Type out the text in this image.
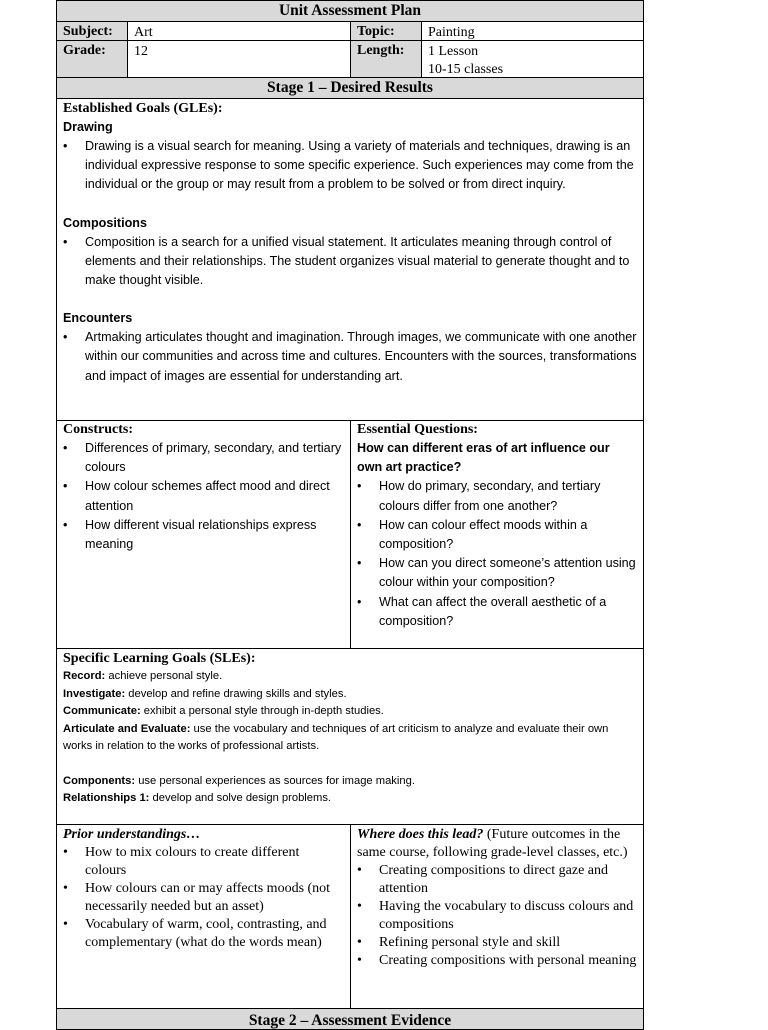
Unit Assessment Plan
Subject:	Art	Topic:	Painting
Grade:	12	Length:	1 Lesson
10-15 classes
Stage 1 – Desired Results
Established Goals (GLEs):
Drawing
• Drawing is a visual search for meaning. Using a variety of materials and techniques, drawing is an individual expressive response to some specific experience. Such experiences may come from the individual or the group or may result from a problem to be solved or from direct inquiry.
Compositions
• Composition is a search for a unified visual statement. It articulates meaning through control of elements and their relationships. The student organizes visual material to generate thought and to make thought visible.
Encounters
• Artmaking articulates thought and imagination. Through images, we communicate with one another within our communities and across time and cultures. Encounters with the sources, transformations and impact of images are essential for understanding art.
Constructs:
• Differences of primary, secondary, and tertiary colours
• How colour schemes affect mood and direct attention
• How different visual relationships express meaning
Essential Questions:
How can different eras of art influence our own art practice?
• How do primary, secondary, and tertiary colours differ from one another?
• How can colour effect moods within a composition?
• How can you direct someone’s attention using colour within your composition?
• What can affect the overall aesthetic of a composition?
Specific Learning Goals (SLEs):
Record: achieve personal style.
Investigate: develop and refine drawing skills and styles.
Communicate: exhibit a personal style through in-depth studies.
Articulate and Evaluate: use the vocabulary and techniques of art criticism to analyze and evaluate their own works in relation to the works of professional artists.
Components: use personal experiences as sources for image making.
Relationships 1: develop and solve design problems.
Prior understandings…
• How to mix colours to create different colours
• How colours can or may affects moods (not necessarily needed but an asset)
• Vocabulary of warm, cool, contrasting, and complementary (what do the words mean)
Where does this lead? (Future outcomes in the same course, following grade-level classes, etc.)
• Creating compositions to direct gaze and attention
• Having the vocabulary to discuss colours and compositions
• Refining personal style and skill
• Creating compositions with personal meaning
Stage 2 – Assessment Evidence
